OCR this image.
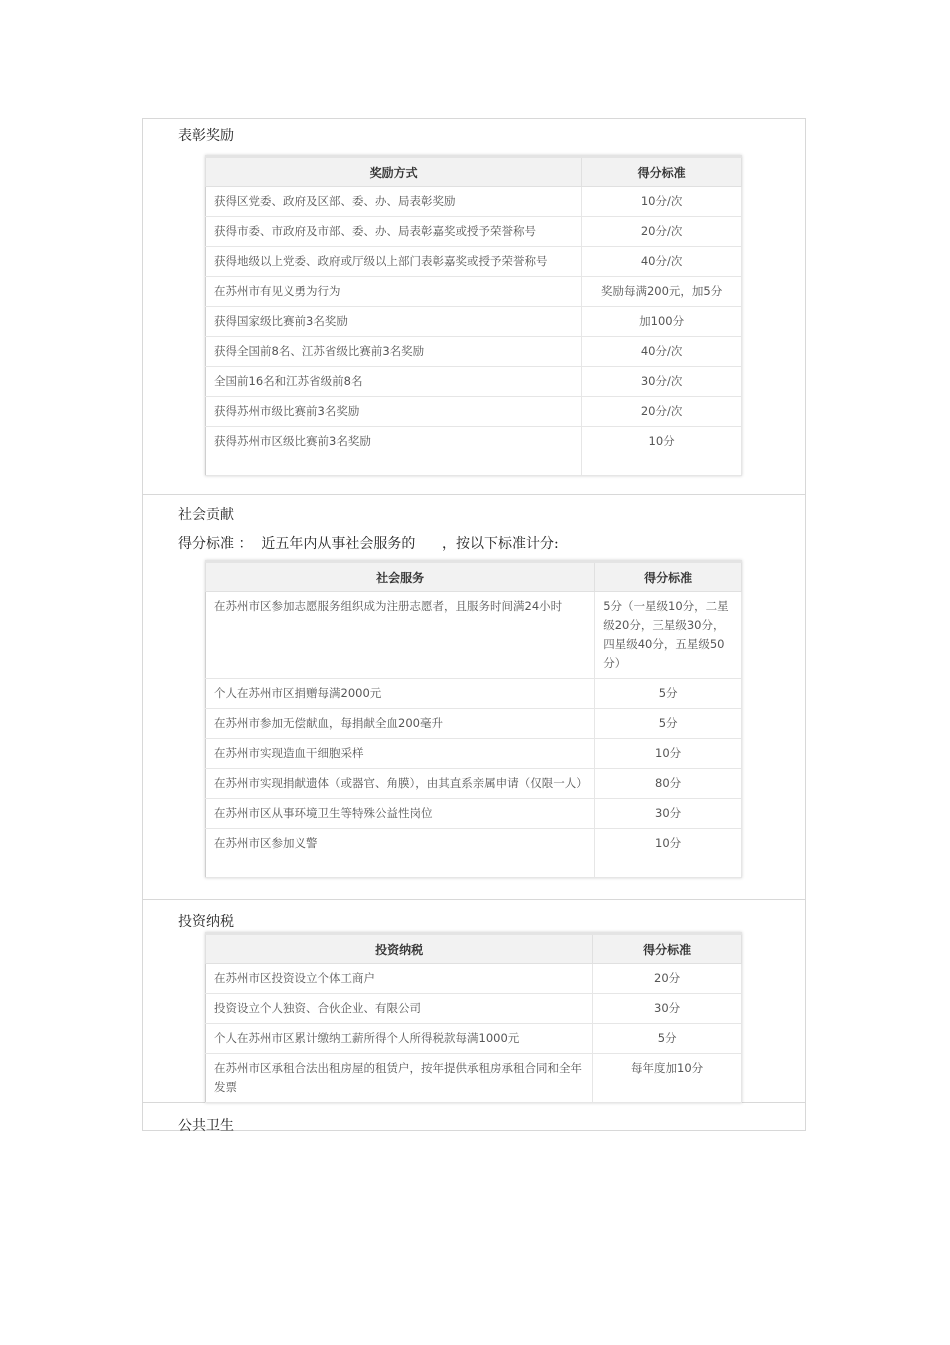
表彰奖励
奖励方式	得分标准
获得区党委、政府及区部、委、办、局表彰奖励	10分/次
获得市委、市政府及市部、委、办、局表彰嘉奖或授予荣誉称号	20分/次
获得地级以上党委、政府或厅级以上部门表彰嘉奖或授予荣誉称号	40分/次
在苏州市有见义勇为行为	奖励每满200元，加5分
获得国家级比赛前3名奖励	加100分
获得全国前8名、江苏省级比赛前3名奖励	40分/次
全国前16名和江苏省级前8名	30分/次
获得苏州市级比赛前3名奖励	20分/次
获得苏州市区级比赛前3名奖励	10分
社会贡献
得分标准 ：  近五年内从事社会服务的      ，按以下标准计分:
社会服务	得分标准
在苏州市区参加志愿服务组织成为注册志愿者，且服务时间满24小时	5分（一星级10分，二星级20分，三星级30分，四星级40分，五星级50分）
个人在苏州市区捐赠每满2000元	5分
在苏州市参加无偿献血，每捐献全血200毫升	5分
在苏州市实现造血干细胞采样	10分
在苏州市实现捐献遗体（或器官、角膜），由其直系亲属申请（仅限一人）	80分
在苏州市区从事环境卫生等特殊公益性岗位	30分
在苏州市区参加义警	10分
投资纳税
投资纳税	得分标准
在苏州市区投资设立个体工商户	20分
投资设立个人独资、合伙企业、有限公司	30分
个人在苏州市区累计缴纳工薪所得个人所得税款每满1000元	5分
在苏州市区承租合法出租房屋的租赁户，按年提供承租房承租合同和全年发票	每年度加10分
公共卫生
